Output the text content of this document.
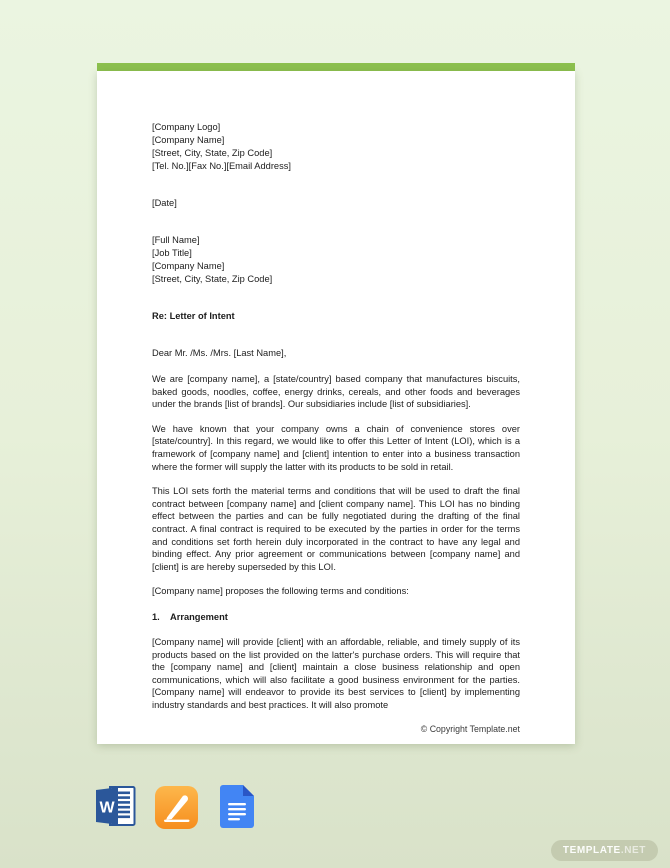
[Company Logo]
[Company Name]
[Street, City, State, Zip Code]
[Tel. No.][Fax No.][Email Address]
[Date]
[Full Name]
[Job Title]
[Company Name]
[Street, City, State, Zip Code]
Re: Letter of Intent
Dear Mr. /Ms. /Mrs. [Last Name],

We are [company name], a [state/country] based company that manufactures biscuits, baked goods, noodles, coffee, energy drinks, cereals, and other foods and beverages under the brands [list of brands]. Our subsidiaries include [list of subsidiaries].

We have known that your company owns a chain of convenience stores over [state/country]. In this regard, we would like to offer this Letter of Intent (LOI), which is a framework of [company name] and [client] intention to enter into a business transaction where the former will supply the latter with its products to be sold in retail.

This LOI sets forth the material terms and conditions that will be used to draft the final contract between [company name] and [client company name]. This LOI has no binding effect between the parties and can be fully negotiated during the drafting of the final contract. A final contract is required to be executed by the parties in order for the terms and conditions set forth herein duly incorporated in the contract to have any legal and binding effect. Any prior agreement or communications between [company name] and [client] is are hereby superseded by this LOI.

[Company name] proposes the following terms and conditions:

1. Arrangement

[Company name] will provide [client] with an affordable, reliable, and timely supply of its products based on the list provided on the latter's purchase orders. This will require that the [company name] and [client] maintain a close business relationship and open communications, which will also facilitate a good business environment for the parties. [Company name] will endeavor to provide its best services to [client] by implementing industry standards and best practices. It will also promote

© Copyright Template.net
W
TEMPLATE.NET
